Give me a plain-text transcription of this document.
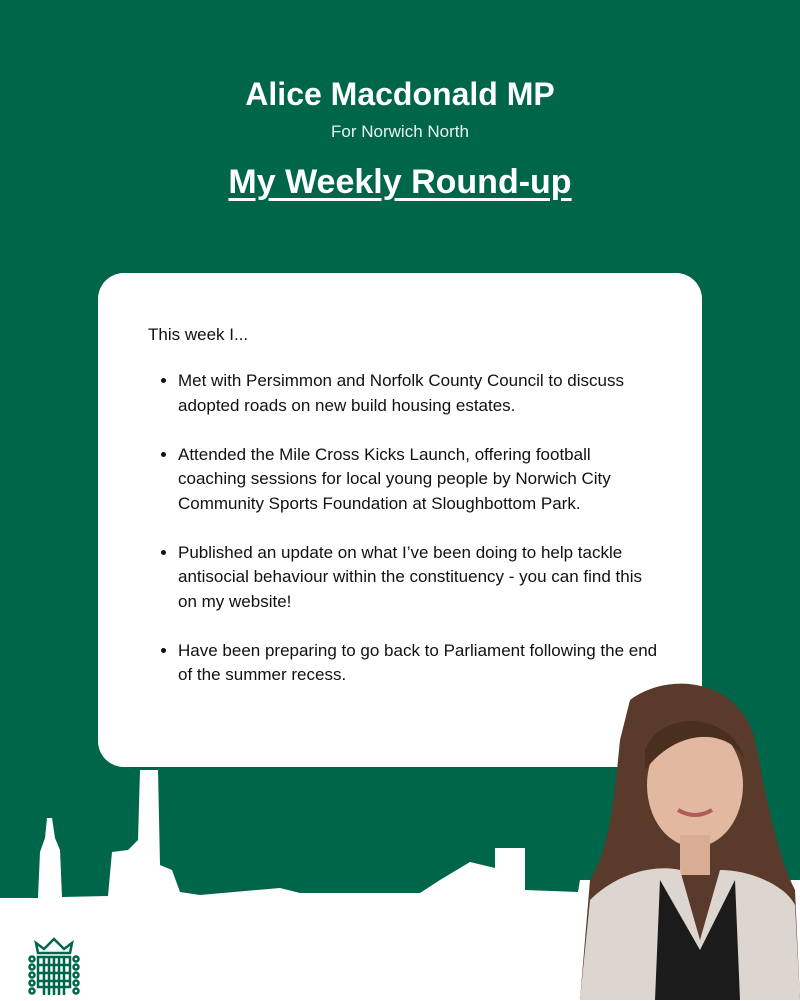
Alice Macdonald MP
For Norwich North
My Weekly Round-up
This week I...
• Met with Persimmon and Norfolk County Council to discuss adopted roads on new build housing estates.
• Attended the Mile Cross Kicks Launch, offering football coaching sessions for local young people by Norwich City Community Sports Foundation at Sloughbottom Park.
• Published an update on what I’ve been doing to help tackle antisocial behaviour within the constituency - you can find this on my website!
• Have been preparing to go back to Parliament following the end of the summer recess.
